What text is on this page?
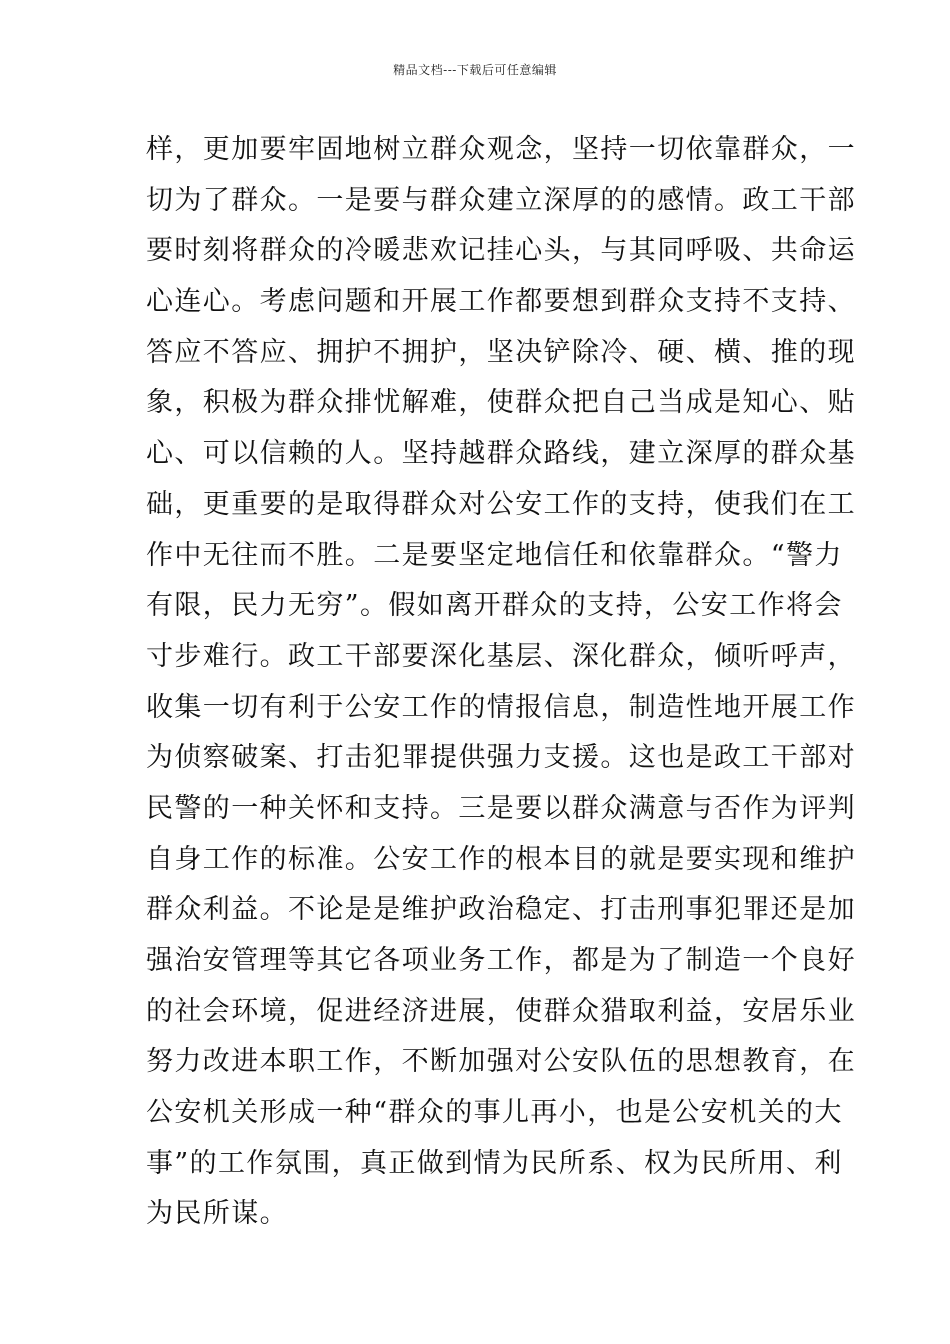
精品文档---下载后可任意编辑
样，更加要牢固地树立群众观念，坚持一切依靠群众，一
切为了群众。一是要与群众建立深厚的的感情。政工干部
要时刻将群众的冷暖悲欢记挂心头，与其同呼吸、共命运
心连心。考虑问题和开展工作都要想到群众支持不支持、
答应不答应、拥护不拥护，坚决铲除冷、硬、横、推的现
象，积极为群众排忧解难，使群众把自己当成是知心、贴
心、可以信赖的人。坚持越群众路线，建立深厚的群众基
础，更重要的是取得群众对公安工作的支持，使我们在工
作中无往而不胜。二是要坚定地信任和依靠群众。“警力
有限，民力无穷”。假如离开群众的支持，公安工作将会
寸步难行。政工干部要深化基层、深化群众，倾听呼声，
收集一切有利于公安工作的情报信息，制造性地开展工作
为侦察破案、打击犯罪提供强力支援。这也是政工干部对
民警的一种关怀和支持。三是要以群众满意与否作为评判
自身工作的标准。公安工作的根本目的就是要实现和维护
群众利益。不论是是维护政治稳定、打击刑事犯罪还是加
强治安管理等其它各项业务工作，都是为了制造一个良好
的社会环境，促进经济进展，使群众猎取利益，安居乐业
努力改进本职工作，不断加强对公安队伍的思想教育，在
公安机关形成一种“群众的事儿再小，也是公安机关的大
事”的工作氛围，真正做到情为民所系、权为民所用、利
为民所谋。
